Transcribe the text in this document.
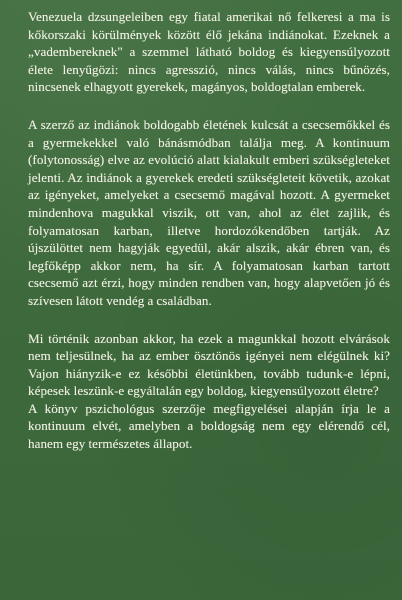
Venezuela dzsungeleiben egy fiatal amerikai nő felkeresi a ma is kőkorszaki körülmények között élő jekána indiánokat. Ezeknek a „vadembereknek" a szemmel látható boldog és kiegyensúlyozott élete lenyűgözi: nincs agresszió, nincs válás, nincs bűnözés, nincsenek elhagyott gyerekek, magányos, boldogtalan emberek.

A szerző az indiánok boldogabb életének kulcsát a csecsemőkkel és a gyermekekkel való bánásmódban találja meg. A kontinuum (folytonosság) elve az evolúció alatt kialakult emberi szükségleteket jelenti. Az indiánok a gyerekek eredeti szükségleteit követik, azokat az igényeket, amelyeket a csecsemő magával hozott. A gyermeket mindenhova magukkal viszik, ott van, ahol az élet zajlik, és folyamatosan karban, illetve hordozókendőben tartják. Az újszülöttet nem hagyják egyedül, akár alszik, akár ébren van, és legfőképp akkor nem, ha sír. A folyamatosan karban tartott csecsemő azt érzi, hogy minden rendben van, hogy alapvetően jó és szívesen látott vendég a családban.

Mi történik azonban akkor, ha ezek a magunkkal hozott elvárások nem teljesülnek, ha az ember ösztönös igényei nem elégülnek ki? Vajon hiányzik-e ez későbbi életünkben, tovább tudunk-e lépni, képesek leszünk-e egyáltalán egy boldog, kiegyensúlyozott életre?

A könyv pszichológus szerzője megfigyelései alapján írja le a kontinuum elvét, amelyben a boldogság nem egy elérendő cél, hanem egy természetes állapot.
